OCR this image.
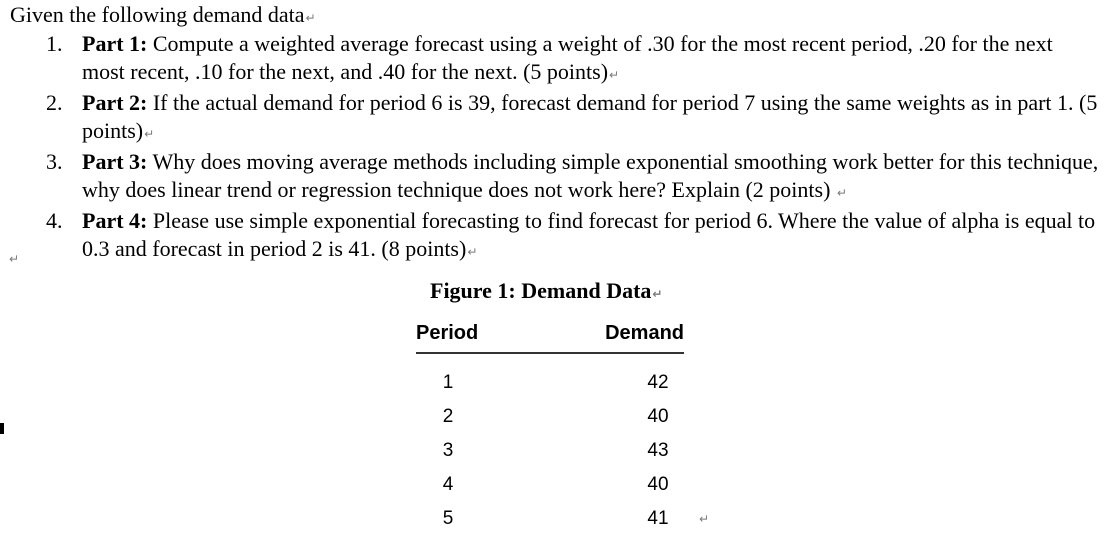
Given the following demand data↵
1. Part 1: Compute a weighted average forecast using a weight of .30 for the most recent period, .20 for the next most recent, .10 for the next, and .40 for the next. (5 points)↵
2. Part 2: If the actual demand for period 6 is 39, forecast demand for period 7 using the same weights as in part 1. (5 points)↵
3. Part 3: Why does moving average methods including simple exponential smoothing work better for this technique, why does linear trend or regression technique does not work here? Explain (2 points) ↵
4. Part 4: Please use simple exponential forecasting to find forecast for period 6. Where the value of alpha is equal to 0.3 and forecast in period 2 is 41. (8 points)↵
↵
Figure 1: Demand Data↵
Period	Demand
1	42
2	40
3	43
4	40
5	41	↵
